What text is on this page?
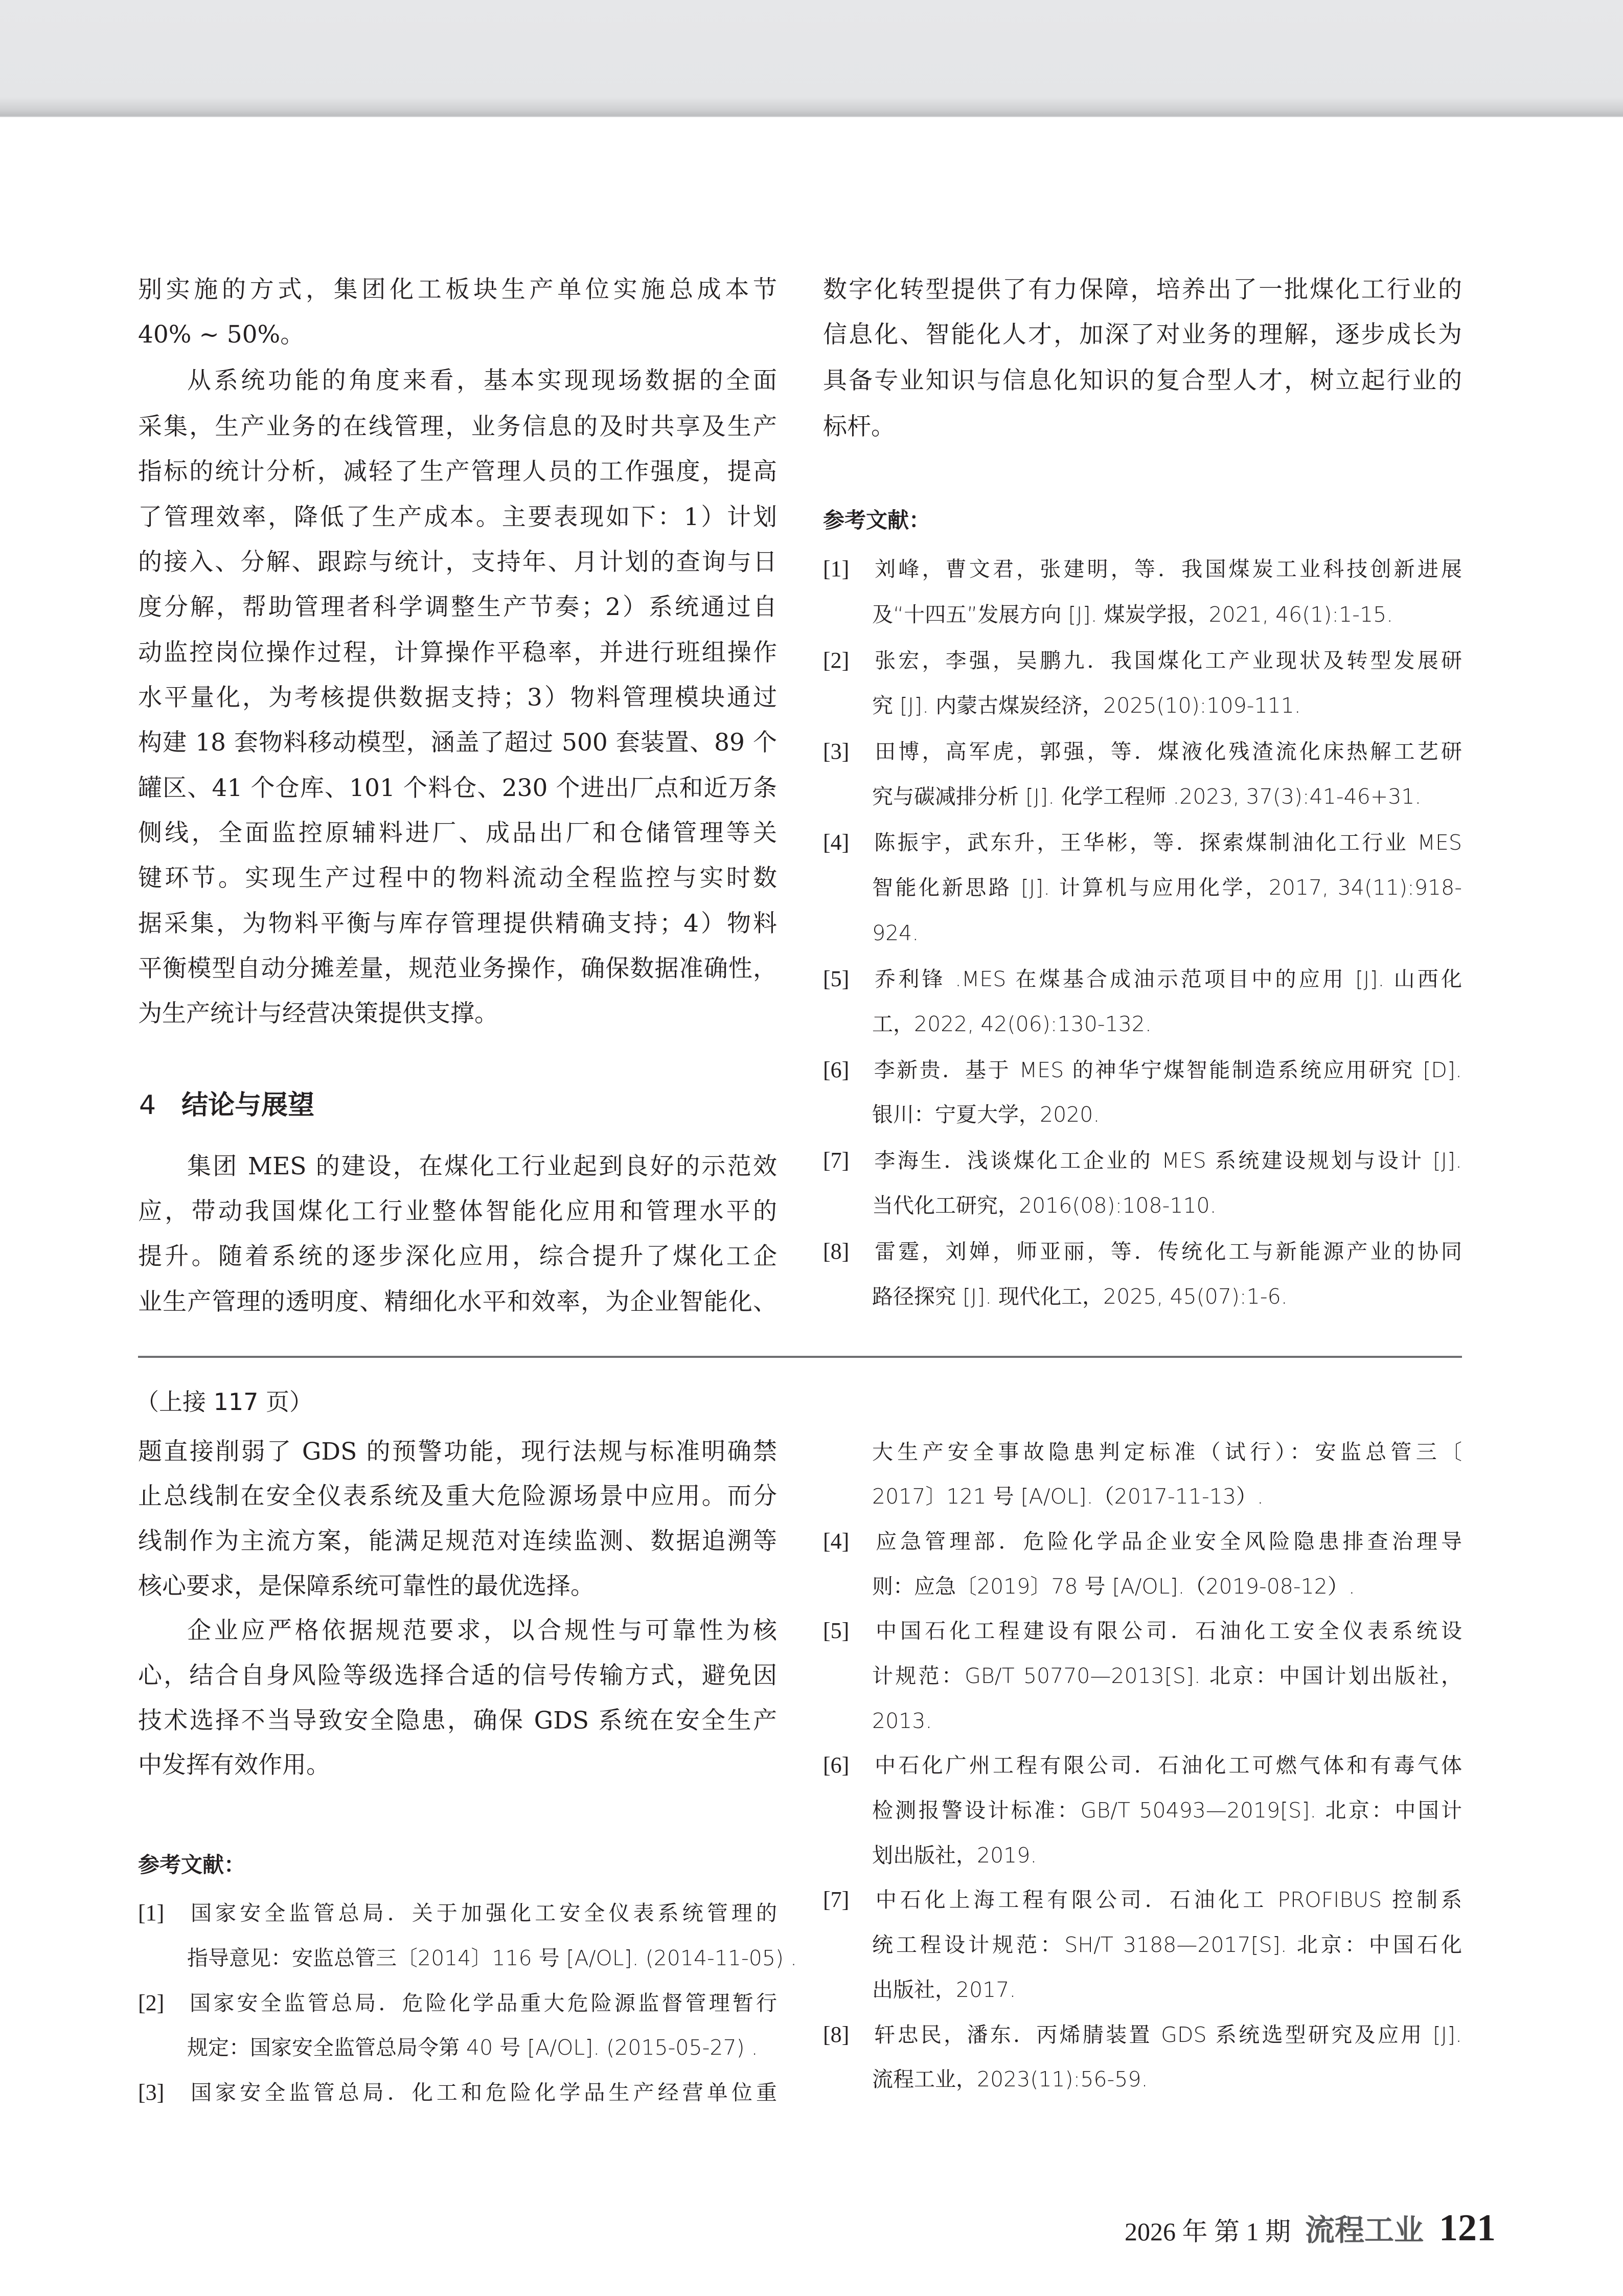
别实施的方式，集团化工板块生产单位实施总成本节
40% ~ 50%。
从系统功能的角度来看，基本实现现场数据的全面
采集，生产业务的在线管理，业务信息的及时共享及生产
指标的统计分析，减轻了生产管理人员的工作强度，提高
了管理效率，降低了生产成本。主要表现如下：1）计划
的接入、分解、跟踪与统计，支持年、月计划的查询与日
度分解，帮助管理者科学调整生产节奏；2）系统通过自
动监控岗位操作过程，计算操作平稳率，并进行班组操作
水平量化，为考核提供数据支持；3）物料管理模块通过
构建 18 套物料移动模型，涵盖了超过 500 套装置、89 个
罐区、41 个仓库、101 个料仓、230 个进出厂点和近万条
侧线，全面监控原辅料进厂、成品出厂和仓储管理等关
键环节。实现生产过程中的物料流动全程监控与实时数
据采集，为物料平衡与库存管理提供精确支持；4）物料
平衡模型自动分摊差量，规范业务操作，确保数据准确性，
为生产统计与经营决策提供支撑。
4 结论与展望
集团 MES 的建设，在煤化工行业起到良好的示范效
应，带动我国煤化工行业整体智能化应用和管理水平的
提升。随着系统的逐步深化应用，综合提升了煤化工企
业生产管理的透明度、精细化水平和效率，为企业智能化、
数字化转型提供了有力保障，培养出了一批煤化工行业的
信息化、智能化人才，加深了对业务的理解，逐步成长为
具备专业知识与信息化知识的复合型人才，树立起行业的
标杆。
参考文献：
[1] 刘峰，曹文君，张建明，等．我国煤炭工业科技创新进展
及“十四五”发展方向 [J]. 煤炭学报，2021, 46(1):1-15.
[2] 张宏，李强，吴鹏九．我国煤化工产业现状及转型发展研
究 [J]. 内蒙古煤炭经济，2025(10):109-111.
[3] 田博，高军虎，郭强，等．煤液化残渣流化床热解工艺研
究与碳减排分析 [J]. 化学工程师 .2023, 37(3):41-46+31.
[4] 陈振宇，武东升，王华彬，等．探索煤制油化工行业 MES
智能化新思路 [J]. 计算机与应用化学，2017, 34(11):918-
924.
[5] 乔利锋 .MES 在煤基合成油示范项目中的应用 [J]. 山西化
工，2022, 42(06):130-132.
[6] 李新贵．基于 MES 的神华宁煤智能制造系统应用研究 [D].
银川：宁夏大学，2020.
[7] 李海生．浅谈煤化工企业的 MES 系统建设规划与设计 [J].
当代化工研究，2016(08):108-110.
[8] 雷霆，刘婵，师亚丽，等．传统化工与新能源产业的协同
路径探究 [J]. 现代化工，2025, 45(07):1-6.
（上接 117 页）
题直接削弱了 GDS 的预警功能，现行法规与标准明确禁
止总线制在安全仪表系统及重大危险源场景中应用。而分
线制作为主流方案，能满足规范对连续监测、数据追溯等
核心要求，是保障系统可靠性的最优选择。
企业应严格依据规范要求，以合规性与可靠性为核
心，结合自身风险等级选择合适的信号传输方式，避免因
技术选择不当导致安全隐患，确保 GDS 系统在安全生产
中发挥有效作用。
参考文献：
[1] 国家安全监管总局．关于加强化工安全仪表系统管理的
指导意见：安监总管三〔2014〕116 号 [A/OL]. (2014-11-05) .
[2] 国家安全监管总局．危险化学品重大危险源监督管理暂行
规定：国家安全监管总局令第 40 号 [A/OL]. (2015-05-27) .
[3] 国家安全监管总局．化工和危险化学品生产经营单位重
大生产安全事故隐患判定标准（试行）：安监总管三〔
2017〕121 号 [A/OL].（2017-11-13）.
[4] 应急管理部．危险化学品企业安全风险隐患排查治理导
则：应急〔2019〕78 号 [A/OL].（2019-08-12）.
[5] 中国石化工程建设有限公司．石油化工安全仪表系统设
计规范：GB/T 50770—2013[S]. 北京：中国计划出版社，
2013.
[6] 中石化广州工程有限公司．石油化工可燃气体和有毒气体
检测报警设计标准：GB/T 50493—2019[S]. 北京：中国计
划出版社，2019.
[7] 中石化上海工程有限公司．石油化工 PROFIBUS 控制系
统工程设计规范：SH/T 3188—2017[S]. 北京：中国石化
出版社，2017.
[8] 轩忠民，潘东．丙烯腈装置 GDS 系统选型研究及应用 [J].
流程工业，2023(11):56-59.
2026 年 第 1 期 流程工业 121
